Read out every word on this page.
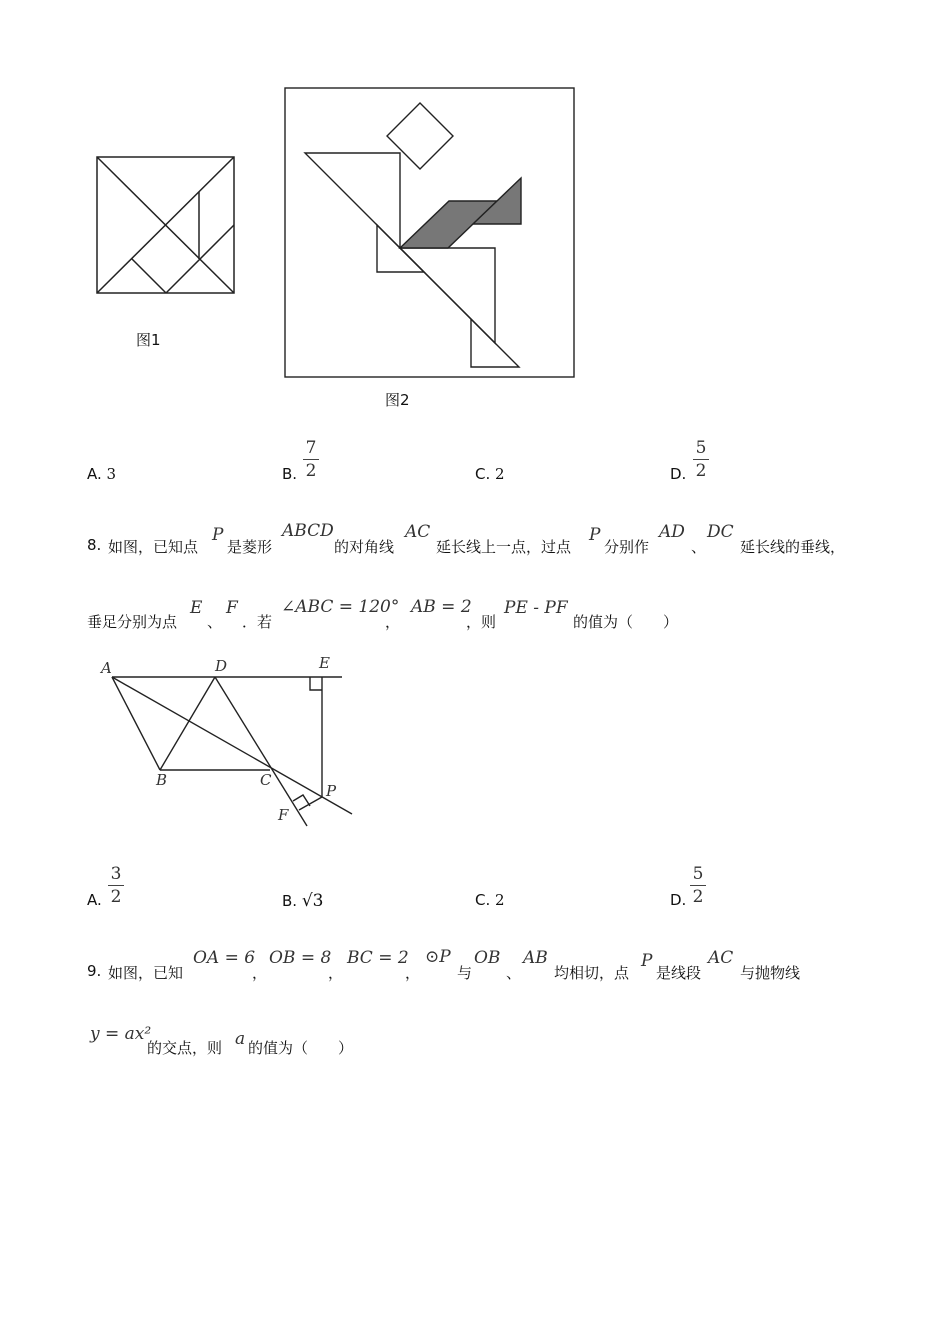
图1
图2
A. 3	B.
7
2	C. 2	D.
5
2
8. 如图，已知点
P
是菱形
ABCD
的对角线
AC
延长线上一点，过点
P
分别作
AD
、
DC
延长线的垂线，
垂足分别为点
E
、
F
．若
∠ABC = 120°
，
AB = 2
，则
PE - PF
的值为（　　）
A	D	E
B	C
P
F
A.
3
2	B. √3	C. 2	D.
5
2
9. 如图，已知
OA = 6
，
OB = 8
，
BC = 2
，
⊙P
与
OB
、
AB
均相切，点
P
是线段
AC
与抛物线
y = ax²
的交点，则 a 的值为（　　）
